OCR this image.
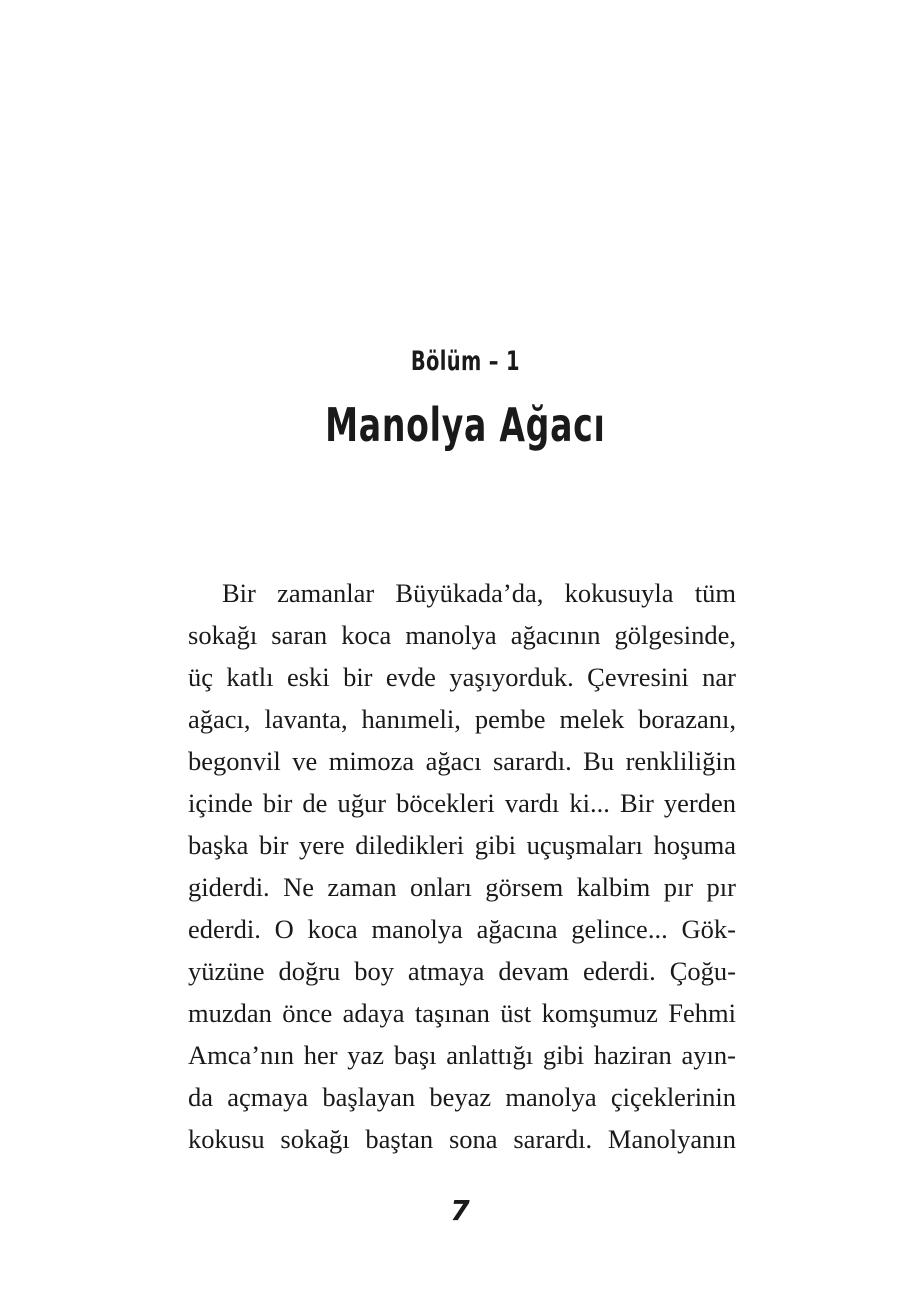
Bölüm – 1
Manolya Ağacı
Bir zamanlar Büyükada’da, kokusuyla tüm
sokağı saran koca manolya ağacının gölgesinde,
üç katlı eski bir evde yaşıyorduk. Çevresini nar
ağacı, lavanta, hanımeli, pembe melek borazanı,
begonvil ve mimoza ağacı sarardı. Bu renkliliğin
içinde bir de uğur böcekleri vardı ki... Bir yerden
başka bir yere diledikleri gibi uçuşmaları hoşuma
giderdi. Ne zaman onları görsem kalbim pır pır
ederdi. O koca manolya ağacına gelince... Gök-
yüzüne doğru boy atmaya devam ederdi. Çoğu-
muzdan önce adaya taşınan üst komşumuz Fehmi
Amca’nın her yaz başı anlattığı gibi haziran ayın-
da açmaya başlayan beyaz manolya çiçeklerinin
kokusu sokağı baştan sona sarardı. Manolyanın
7
